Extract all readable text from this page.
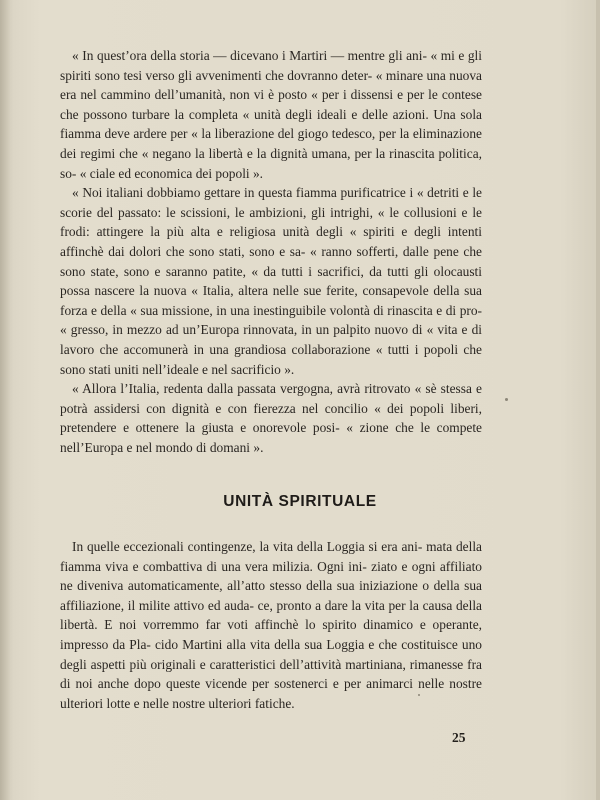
« In quest’ora della storia — dicevano i Martiri — mentre gli ani- « mi e gli spiriti sono tesi verso gli avvenimenti che dovranno deter- « minare una nuova era nel cammino dell’umanità, non vi è posto « per i dissensi e per le contese che possono turbare la completa « unità degli ideali e delle azioni. Una sola fiamma deve ardere per « la liberazione del giogo tedesco, per la eliminazione dei regimi che « negano la libertà e la dignità umana, per la rinascita politica, so- « ciale ed economica dei popoli ».

« Noi italiani dobbiamo gettare in questa fiamma purificatrice i « detriti e le scorie del passato: le scissioni, le ambizioni, gli intrighi, « le collusioni e le frodi: attingere la più alta e religiosa unità degli « spiriti e degli intenti affinchè dai dolori che sono stati, sono e sa- « ranno sofferti, dalle pene che sono state, sono e saranno patite, « da tutti i sacrifici, da tutti gli olocausti possa nascere la nuova « Italia, altera nelle sue ferite, consapevole della sua forza e della « sua missione, in una inestinguibile volontà di rinascita e di pro- « gresso, in mezzo ad un’Europa rinnovata, in un palpito nuovo di « vita e di lavoro che accomunerà in una grandiosa collaborazione « tutti i popoli che sono stati uniti nell’ideale e nel sacrificio ».

« Allora l’Italia, redenta dalla passata vergogna, avrà ritrovato « sè stessa e potrà assidersi con dignità e con fierezza nel concilio « dei popoli liberi, pretendere e ottenere la giusta e onorevole posi- « zione che le compete nell’Europa e nel mondo di domani ».

UNITÀ SPIRITUALE

In quelle eccezionali contingenze, la vita della Loggia si era ani- mata della fiamma viva e combattiva di una vera milizia. Ogni ini- ziato e ogni affiliato ne diveniva automaticamente, all’atto stesso della sua iniziazione o della sua affiliazione, il milite attivo ed auda- ce, pronto a dare la vita per la causa della libertà. E noi vorremmo far voti affinchè lo spirito dinamico e operante, impresso da Pla- cido Martini alla vita della sua Loggia e che costituisce uno degli aspetti più originali e caratteristici dell’attività martiniana, rimanesse fra di noi anche dopo queste vicende per sostenerci e per animarci nelle nostre ulteriori lotte e nelle nostre ulteriori fatiche.

25
